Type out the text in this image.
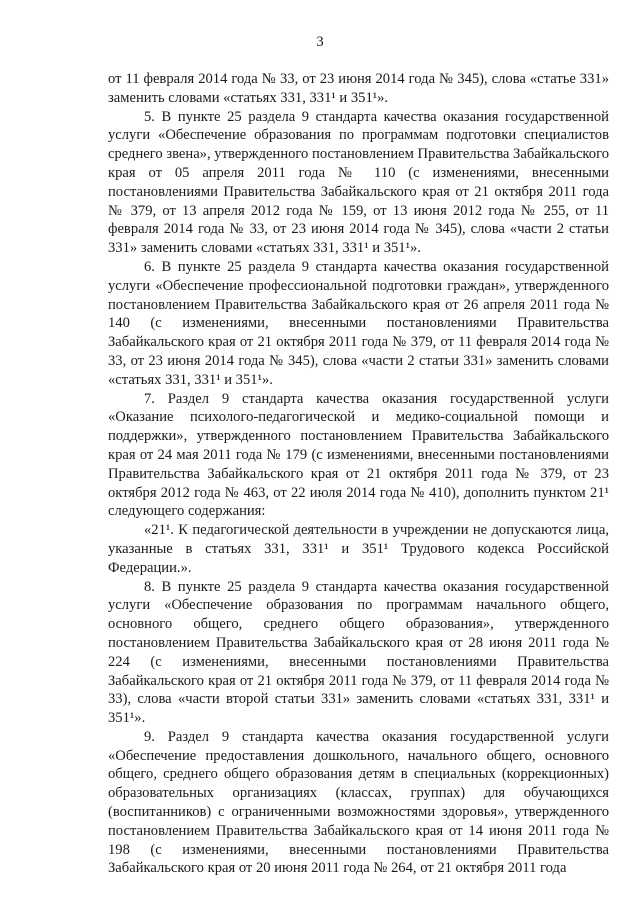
3

от 11 февраля 2014 года № 33, от 23 июня 2014 года № 345), слова «статье 331» заменить словами «статьях 331, 331¹ и 351¹».

5. В пункте 25 раздела 9 стандарта качества оказания государственной услуги «Обеспечение образования по программам подготовки специалистов среднего звена», утвержденного постановлением Правительства Забайкальского края от 05 апреля 2011 года № 110 (с изменениями, внесенными постановлениями Правительства Забайкальского края от 21 октября 2011 года № 379, от 13 апреля 2012 года № 159, от 13 июня 2012 года № 255, от 11 февраля 2014 года № 33, от 23 июня 2014 года № 345), слова «части 2 статьи 331» заменить словами «статьях 331, 331¹ и 351¹».

6. В пункте 25 раздела 9 стандарта качества оказания государственной услуги «Обеспечение профессиональной подготовки граждан», утвержденного постановлением Правительства Забайкальского края от 26 апреля 2011 года № 140 (с изменениями, внесенными постановлениями Правительства Забайкальского края от 21 октября 2011 года № 379, от 11 февраля 2014 года № 33, от 23 июня 2014 года № 345), слова «части 2 статьи 331» заменить словами «статьях 331, 331¹ и 351¹».

7. Раздел 9 стандарта качества оказания государственной услуги «Оказание психолого-педагогической и медико-социальной помощи и поддержки», утвержденного постановлением Правительства Забайкальского края от 24 мая 2011 года № 179 (с изменениями, внесенными постановлениями Правительства Забайкальского края от 21 октября 2011 года № 379, от 23 октября 2012 года № 463, от 22 июля 2014 года № 410), дополнить пунктом 21¹ следующего содержания:

«21¹. К педагогической деятельности в учреждении не допускаются лица, указанные в статьях 331, 331¹ и 351¹ Трудового кодекса Российской Федерации.».

8. В пункте 25 раздела 9 стандарта качества оказания государственной услуги «Обеспечение образования по программам начального общего, основного общего, среднего общего образования», утвержденного постановлением Правительства Забайкальского края от 28 июня 2011 года № 224 (с изменениями, внесенными постановлениями Правительства Забайкальского края от 21 октября 2011 года № 379, от 11 февраля 2014 года № 33), слова «части второй статьи 331» заменить словами «статьях 331, 331¹ и 351¹».

9. Раздел 9 стандарта качества оказания государственной услуги «Обеспечение предоставления дошкольного, начального общего, основного общего, среднего общего образования детям в специальных (коррекционных) образовательных организациях (классах, группах) для обучающихся (воспитанников) с ограниченными возможностями здоровья», утвержденного постановлением Правительства Забайкальского края от 14 июня 2011 года № 198 (с изменениями, внесенными постановлениями Правительства Забайкальского края от 20 июня 2011 года № 264, от 21 октября 2011 года
